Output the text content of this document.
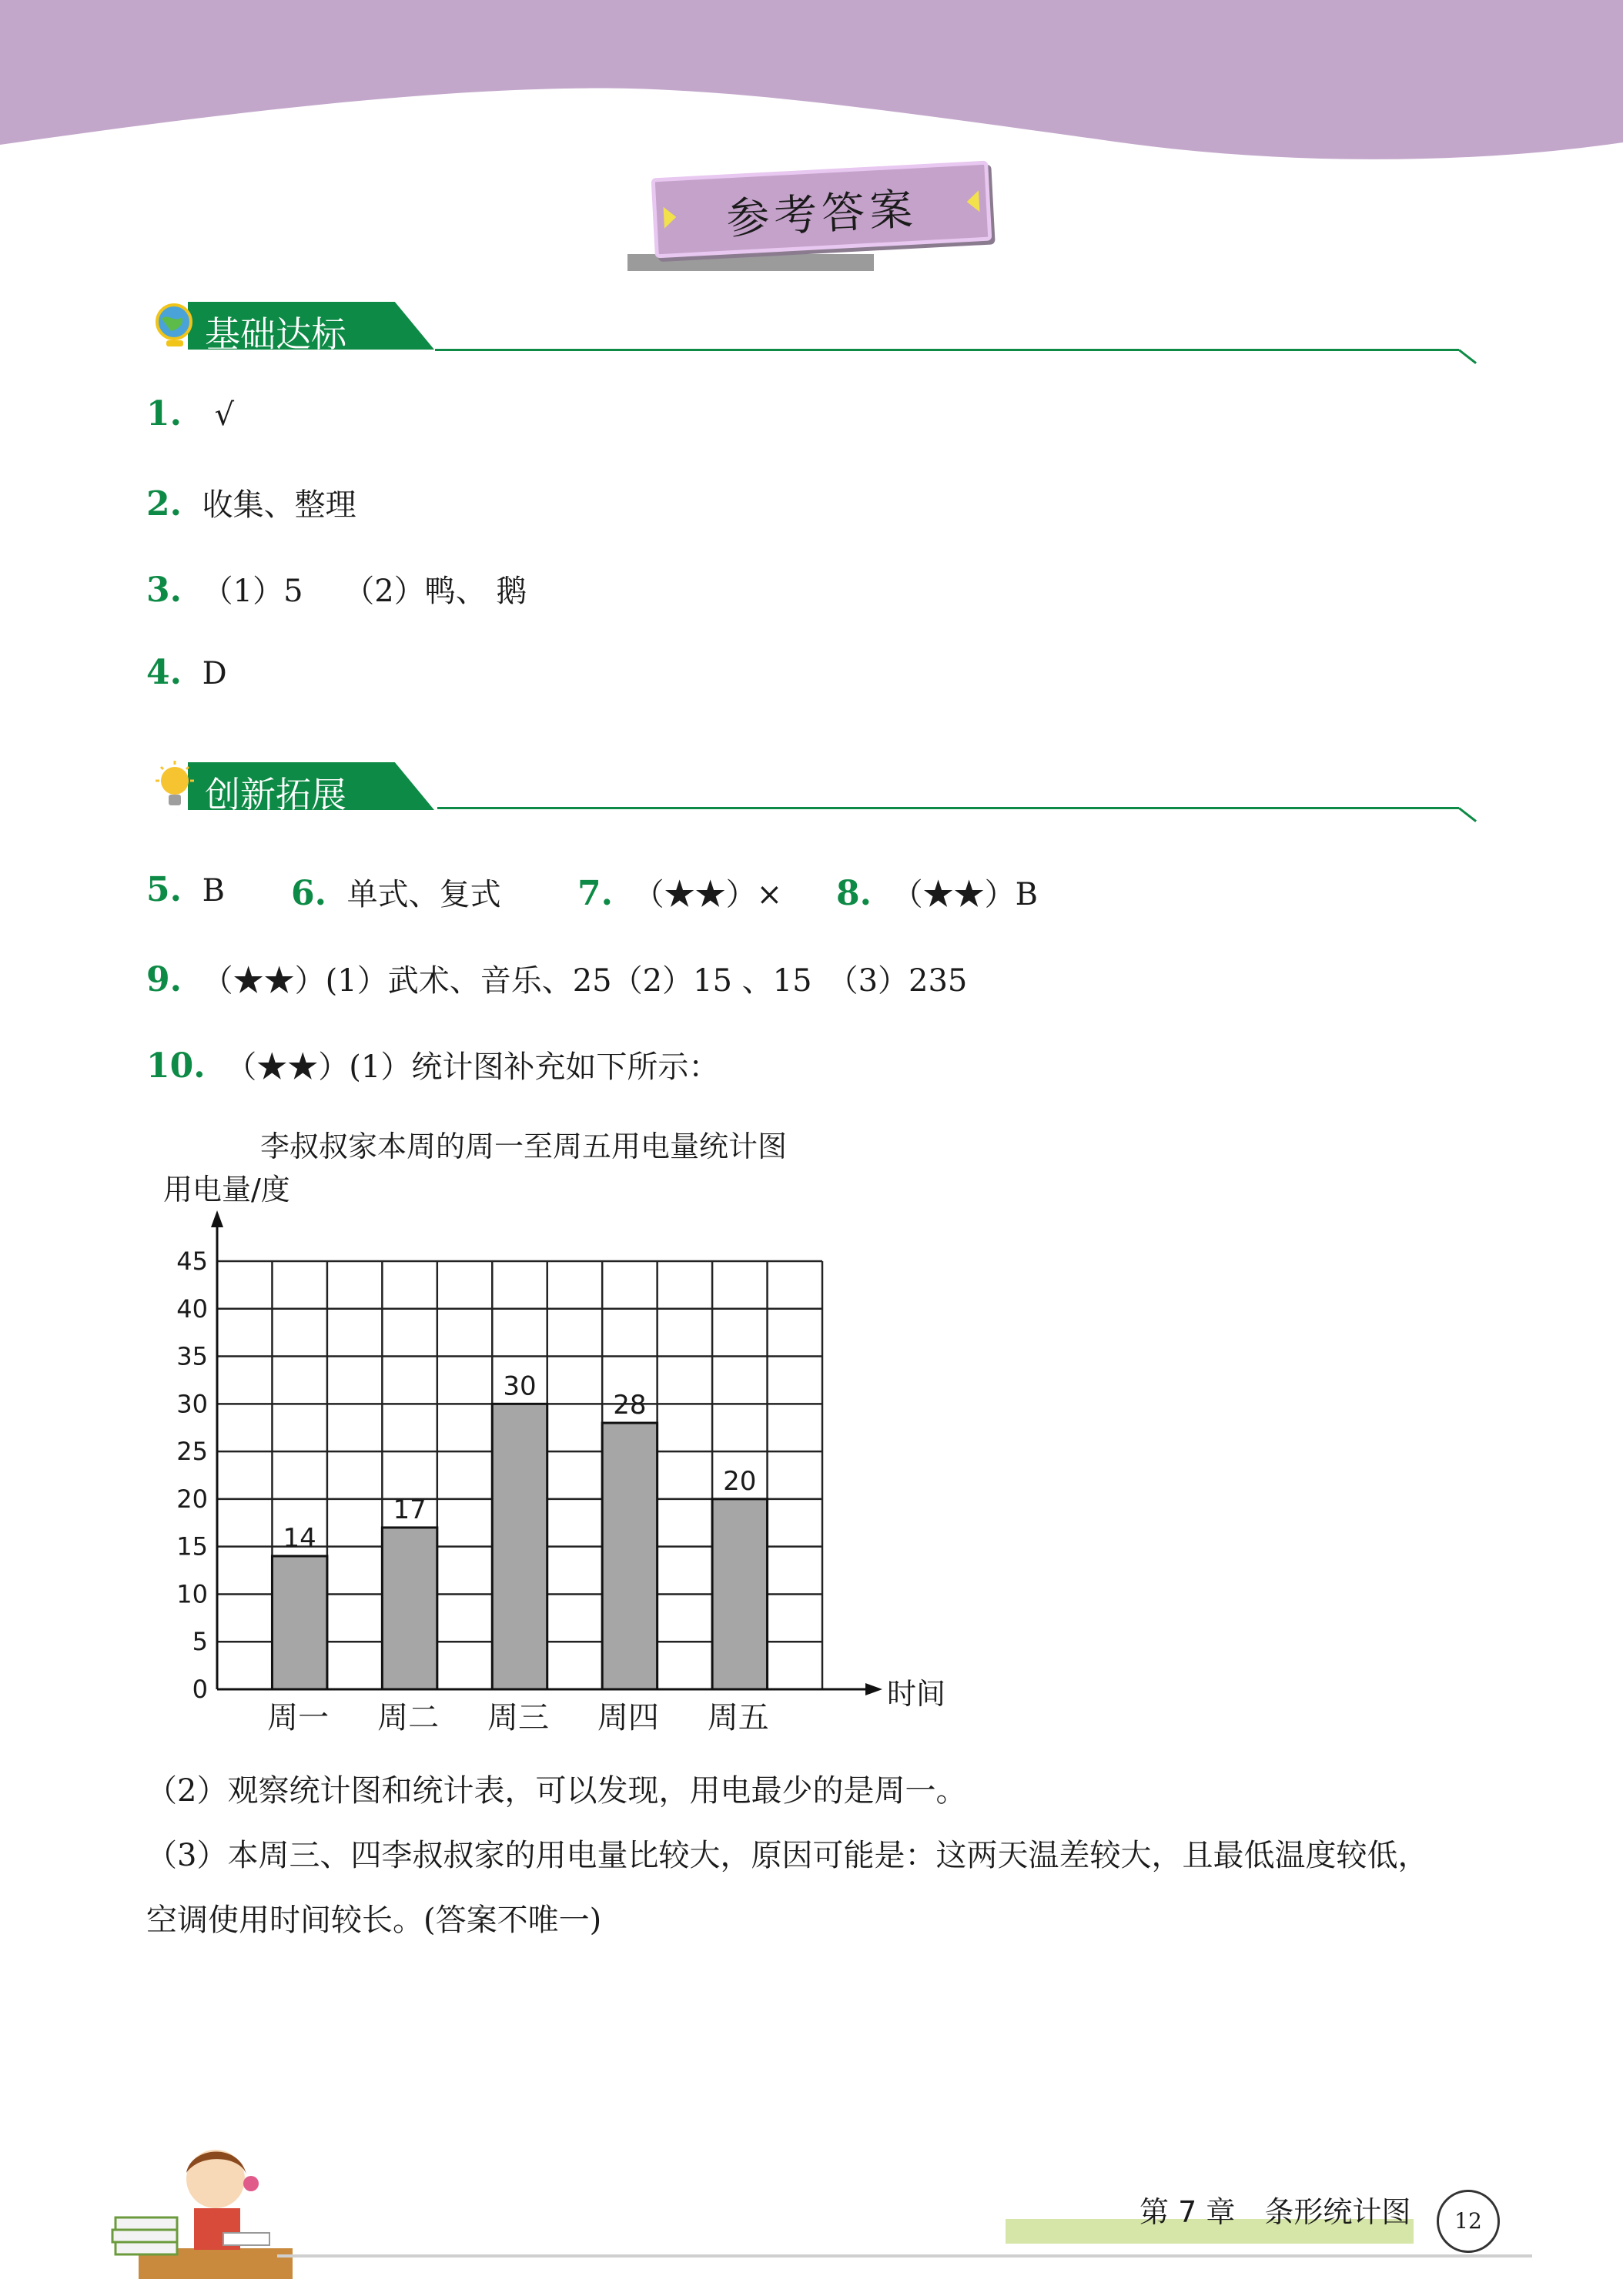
参考答案
基础达标
1. √
2. 收集、整理
3. （1）5　 （2）鸭、 鹅
4. D
创新拓展
5. B 6. 单式、复式 7. （★★）× 8. （★★）B
9. （★★）(1）武术、音乐、25（2）15 、15　（3）235
10. （★★）(1）统计图补充如下所示：
李叔叔家本周的周一至周五用电量统计图
用电量/度
0
5
10
15
20
25
30
35
40
45
周一 周二 周三 周四 周五
14
17
30
28
20
时间
（2）观察统计图和统计表，可以发现，用电最少的是周一。
（3）本周三、四李叔叔家的用电量比较大，原因可能是：这两天温差较大，且最低温度较低，
空调使用时间较长。(答案不唯一)
第 7 章　条形统计图	12
